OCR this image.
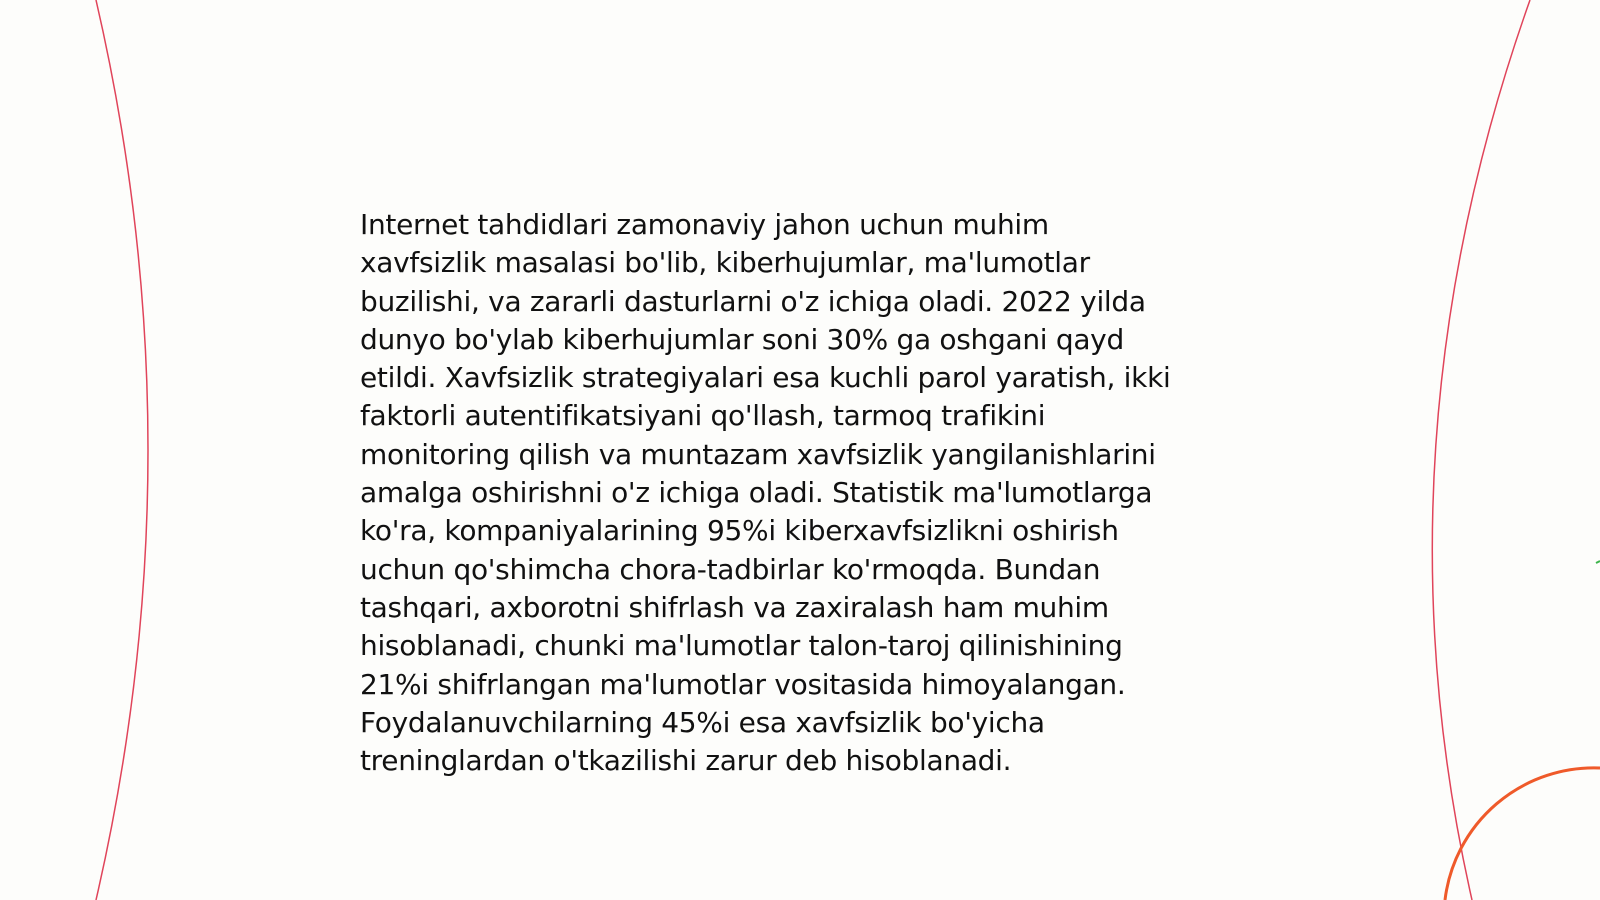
Internet tahdidlari zamonaviy jahon uchun muhim
xavfsizlik masalasi bo'lib, kiberhujumlar, ma'lumotlar
buzilishi, va zararli dasturlarni o'z ichiga oladi. 2022 yilda
dunyo bo'ylab kiberhujumlar soni 30% ga oshgani qayd
etildi. Xavfsizlik strategiyalari esa kuchli parol yaratish, ikki
faktorli autentifikatsiyani qo'llash, tarmoq trafikini
monitoring qilish va muntazam xavfsizlik yangilanishlarini
amalga oshirishni o'z ichiga oladi. Statistik ma'lumotlarga
ko'ra, kompaniyalarining 95%i kiberxavfsizlikni oshirish
uchun qo'shimcha chora-tadbirlar ko'rmoqda. Bundan
tashqari, axborotni shifrlash va zaxiralash ham muhim
hisoblanadi, chunki ma'lumotlar talon-taroj qilinishining
21%i shifrlangan ma'lumotlar vositasida himoyalangan.
Foydalanuvchilarning 45%i esa xavfsizlik bo'yicha
treninglardan o'tkazilishi zarur deb hisoblanadi.
